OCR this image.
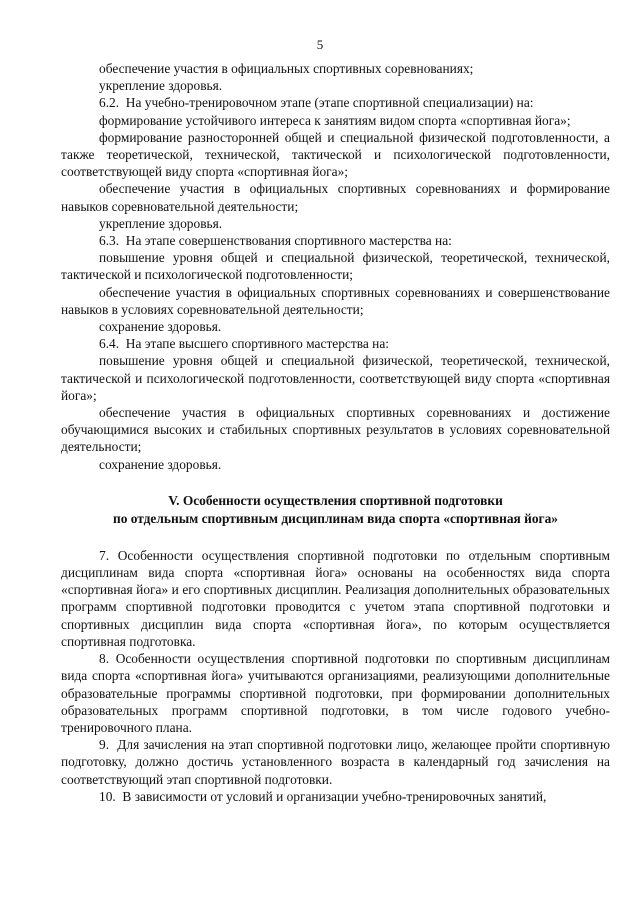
5

обеспечение участия в официальных спортивных соревнованиях;

укрепление здоровья.

6.2.  На учебно-тренировочном этапе (этапе спортивной специализации) на:

формирование устойчивого интереса к занятиям видом спорта «спортивная йога»;

формирование разносторонней общей и специальной физической подготовленности, а также теоретической, технической, тактической и психологической подготовленности, соответствующей виду спорта «спортивная йога»;

обеспечение участия в официальных спортивных соревнованиях и формирование навыков соревновательной деятельности;

укрепление здоровья.

6.3.  На этапе совершенствования спортивного мастерства на:

повышение уровня общей и специальной физической, теоретической, технической, тактической и психологической подготовленности;

обеспечение участия в официальных спортивных соревнованиях и совершенствование навыков в условиях соревновательной деятельности;

сохранение здоровья.

6.4.  На этапе высшего спортивного мастерства на:

повышение уровня общей и специальной физической, теоретической, технической, тактической и психологической подготовленности, соответствующей виду спорта «спортивная йога»;

обеспечение участия в официальных спортивных соревнованиях и достижение обучающимися высоких и стабильных спортивных результатов в условиях соревновательной деятельности;

сохранение здоровья.

V. Особенности осуществления спортивной подготовки
по отдельным спортивным дисциплинам вида спорта «спортивная йога»

7. Особенности осуществления спортивной подготовки по отдельным спортивным дисциплинам вида спорта «спортивная йога» основаны на особенностях вида спорта «спортивная йога» и его спортивных дисциплин. Реализация дополнительных образовательных программ спортивной подготовки проводится с учетом этапа спортивной подготовки и спортивных дисциплин вида спорта «спортивная йога», по которым осуществляется спортивная подготовка.

8. Особенности осуществления спортивной подготовки по спортивным дисциплинам вида спорта «спортивная йога» учитываются организациями, реализующими дополнительные образовательные программы спортивной подготовки, при формировании дополнительных образовательных программ спортивной подготовки, в том числе годового учебно-тренировочного плана.

9.  Для зачисления на этап спортивной подготовки лицо, желающее пройти спортивную подготовку, должно достичь установленного возраста в календарный год зачисления на соответствующий этап спортивной подготовки.

10.  В зависимости от условий и организации учебно-тренировочных занятий,
